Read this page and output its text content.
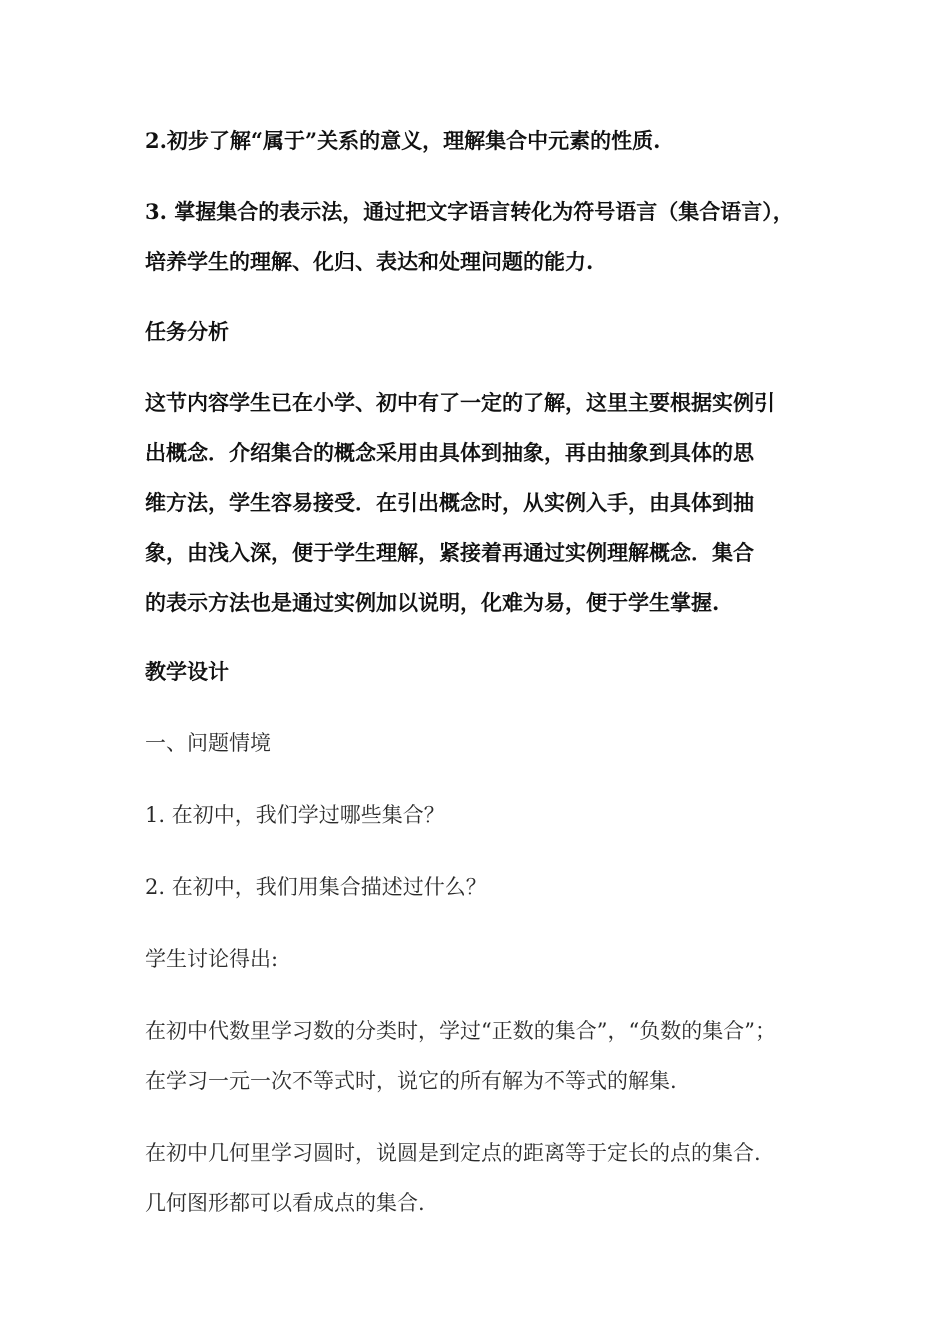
2.初步了解“属于”关系的意义，理解集合中元素的性质.

3. 掌握集合的表示法，通过把文字语言转化为符号语言（集合语言），
培养学生的理解、化归、表达和处理问题的能力.

任务分析

这节内容学生已在小学、初中有了一定的了解，这里主要根据实例引
出概念．介绍集合的概念采用由具体到抽象，再由抽象到具体的思
维方法，学生容易接受．在引出概念时，从实例入手，由具体到抽
象，由浅入深，便于学生理解，紧接着再通过实例理解概念．集合
的表示方法也是通过实例加以说明，化难为易，便于学生掌握.

教学设计

一、问题情境

1. 在初中，我们学过哪些集合？

2. 在初中，我们用集合描述过什么？

学生讨论得出:

在初中代数里学习数的分类时，学过“正数的集合”，“负数的集合”；
在学习一元一次不等式时，说它的所有解为不等式的解集.

在初中几何里学习圆时，说圆是到定点的距离等于定长的点的集合.
几何图形都可以看成点的集合.
